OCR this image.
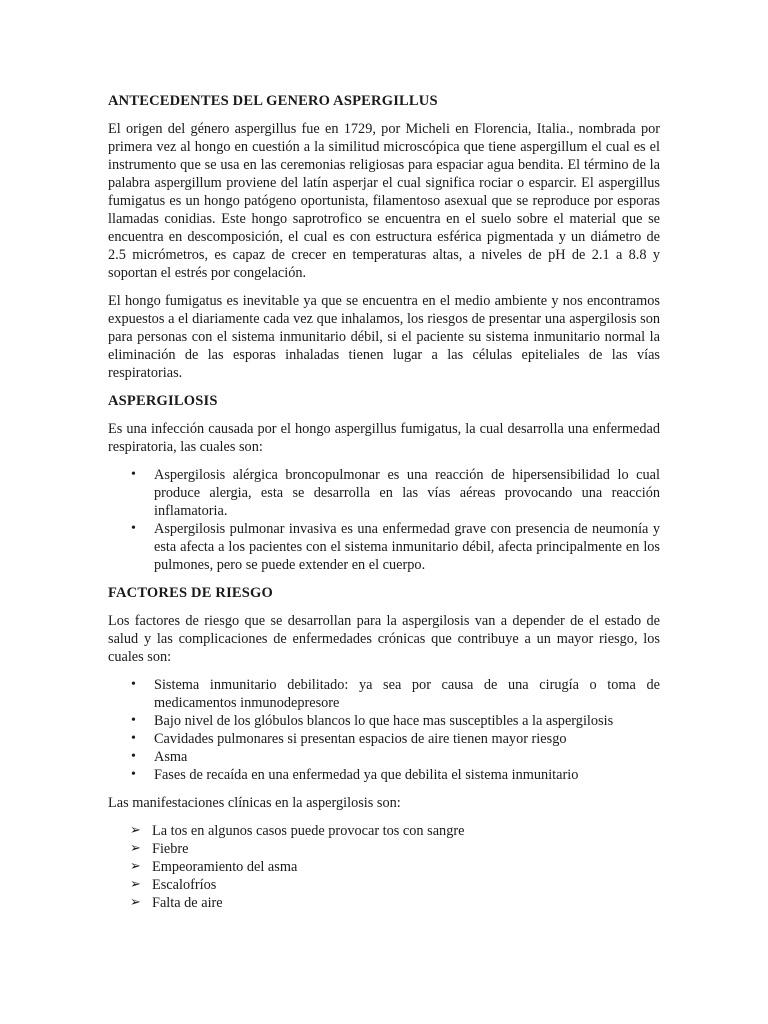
ANTECEDENTES DEL GENERO ASPERGILLUS

El origen del género aspergillus fue en 1729, por Micheli en Florencia, Italia., nombrada por primera vez al hongo en cuestión a la similitud microscópica que tiene aspergillum el cual es el instrumento que se usa en las ceremonias religiosas para espaciar agua bendita. El término de la palabra aspergillum proviene del latín asperjar el cual significa rociar o esparcir. El aspergillus fumigatus es un hongo patógeno oportunista, filamentoso asexual que se reproduce por esporas llamadas conidias. Este hongo saprotrofico se encuentra en el suelo sobre el material que se encuentra en descomposición, el cual es con estructura esférica pigmentada y un diámetro de 2.5 micrómetros, es capaz de crecer en temperaturas altas, a niveles de pH de 2.1 a 8.8 y soportan el estrés por congelación.

El hongo fumigatus es inevitable ya que se encuentra en el medio ambiente y nos encontramos expuestos a el diariamente cada vez que inhalamos, los riesgos de presentar una aspergilosis son para personas con el sistema inmunitario débil, si el paciente su sistema inmunitario normal la eliminación de las esporas inhaladas tienen lugar a las células epiteliales de las vías respiratorias.

ASPERGILOSIS

Es una infección causada por el hongo aspergillus fumigatus, la cual desarrolla una enfermedad respiratoria, las cuales son:

• Aspergilosis alérgica broncopulmonar es una reacción de hipersensibilidad lo cual produce alergia, esta se desarrolla en las vías aéreas provocando una reacción inflamatoria.
• Aspergilosis pulmonar invasiva es una enfermedad grave con presencia de neumonía y esta afecta a los pacientes con el sistema inmunitario débil, afecta principalmente en los pulmones, pero se puede extender en el cuerpo.
FACTORES DE RIESGO

Los factores de riesgo que se desarrollan para la aspergilosis van a depender de el estado de salud y las complicaciones de enfermedades crónicas que contribuye a un mayor riesgo, los cuales son:

• Sistema inmunitario debilitado: ya sea por causa de una cirugía o toma de medicamentos inmunodepresore
• Bajo nivel de los glóbulos blancos lo que hace mas susceptibles a la aspergilosis
• Cavidades pulmonares si presentan espacios de aire tienen mayor riesgo
• Asma
• Fases de recaída en una enfermedad ya que debilita el sistema inmunitario

Las manifestaciones clínicas en la aspergilosis son:

➢ La tos en algunos casos puede provocar tos con sangre
➢ Fiebre
➢ Empeoramiento del asma
➢ Escalofríos
➢ Falta de aire
